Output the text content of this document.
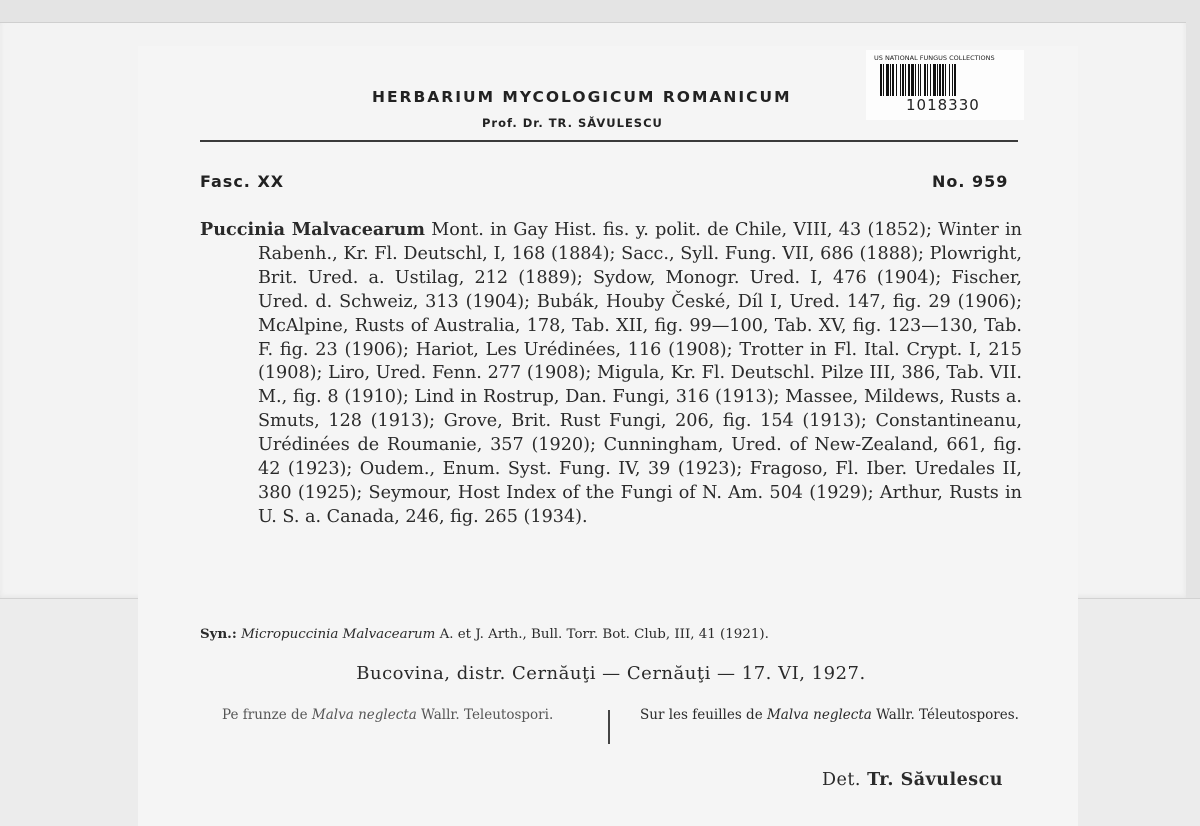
HERBARIUM MYCOLOGICUM ROMANICUM
Prof. Dr. TR. SĂVULESCU
US NATIONAL FUNGUS COLLECTIONS
1018330
Fasc. XX	No. 959
Puccinia Malvacearum Mont. in Gay Hist. fis. y. polit. de Chile, VIII, 43 (1852); Winter in Rabenh., Kr. Fl. Deutschl, I, 168 (1884); Sacc., Syll. Fung. VII, 686 (1888); Plowright, Brit. Ured. a. Ustilag, 212 (1889); Sydow, Monogr. Ured. I, 476 (1904); Fischer, Ured. d. Schweiz, 313 (1904); Bubák, Houby České, Díl I, Ured. 147, fig. 29 (1906); McAlpine, Rusts of Australia, 178, Tab. XII, fig. 99—100, Tab. XV, fig. 123—130, Tab. F. fig. 23 (1906); Hariot, Les Urédinées, 116 (1908); Trotter in Fl. Ital. Crypt. I, 215 (1908); Liro, Ured. Fenn. 277 (1908); Migula, Kr. Fl. Deutschl. Pilze III, 386, Tab. VII. M., fig. 8 (1910); Lind in Rostrup, Dan. Fungi, 316 (1913); Massee, Mildews, Rusts a. Smuts, 128 (1913); Grove, Brit. Rust Fungi, 206, fig. 154 (1913); Constantineanu, Urédinées de Roumanie, 357 (1920); Cunningham, Ured. of New-Zealand, 661, fig. 42 (1923); Oudem., Enum. Syst. Fung. IV, 39 (1923); Fragoso, Fl. Iber. Uredales II, 380 (1925); Seymour, Host Index of the Fungi of N. Am. 504 (1929); Arthur, Rusts in U. S. a. Canada, 246, fig. 265 (1934).
Syn.: Micropuccinia Malvacearum A. et J. Arth., Bull. Torr. Bot. Club, III, 41 (1921).
Bucovina, distr. Cernăuţi — Cernăuţi — 17. VI, 1927.
Pe frunze de Malva neglecta Wallr. Teleutospori.	Sur les feuilles de Malva neglecta Wallr. Téleutospores.
Det. Tr. Săvulescu
